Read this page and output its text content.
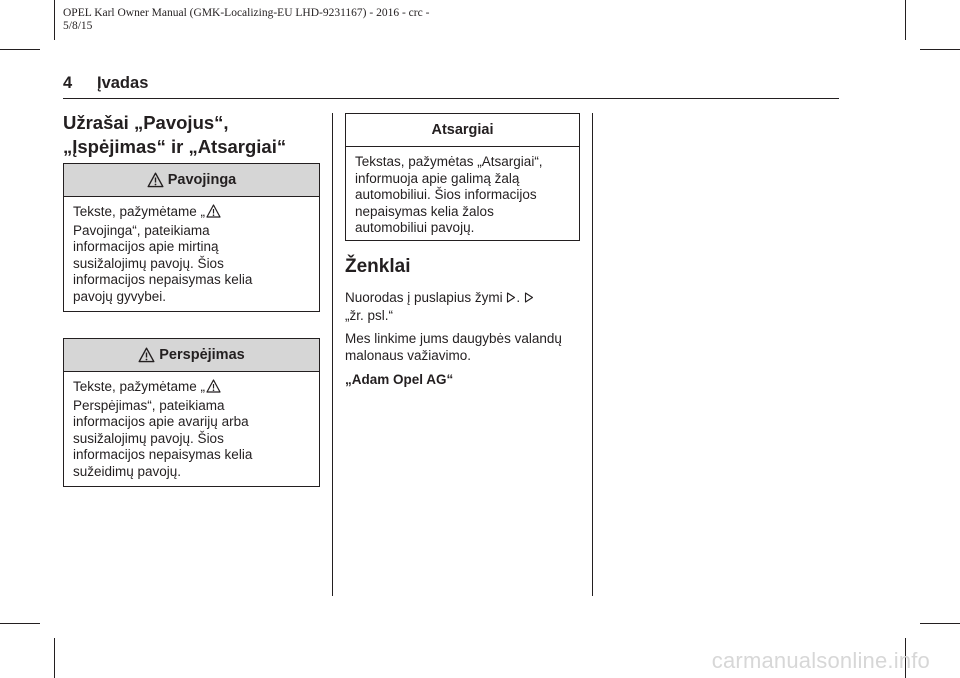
OPEL Karl Owner Manual (GMK-Localizing-EU LHD-9231167) - 2016 - crc -
5/8/15
4 Įvadas
Užrašai „Pavojus“,
„Įspėjimas“ ir „Atsargiai“
Pavojinga
Tekste, pažymėtame „
Pavojinga“, pateikiama
informacijos apie mirtiną
susižalojimų pavojų. Šios
informacijos nepaisymas kelia
pavojų gyvybei.
Perspėjimas
Tekste, pažymėtame „
Perspėjimas“, pateikiama
informacijos apie avarijų arba
susižalojimų pavojų. Šios
informacijos nepaisymas kelia
sužeidimų pavojų.
Atsargiai
Tekstas, pažymėtas „Atsargiai“,
informuoja apie galimą žalą
automobiliui. Šios informacijos
nepaisymas kelia žalos
automobiliui pavojų.
Ženklai
Nuorodas į puslapius žymi .
„žr. psl.“
Mes linkime jums daugybės valandų
malonaus važiavimo.
„Adam Opel AG“
carmanualsonline.info
